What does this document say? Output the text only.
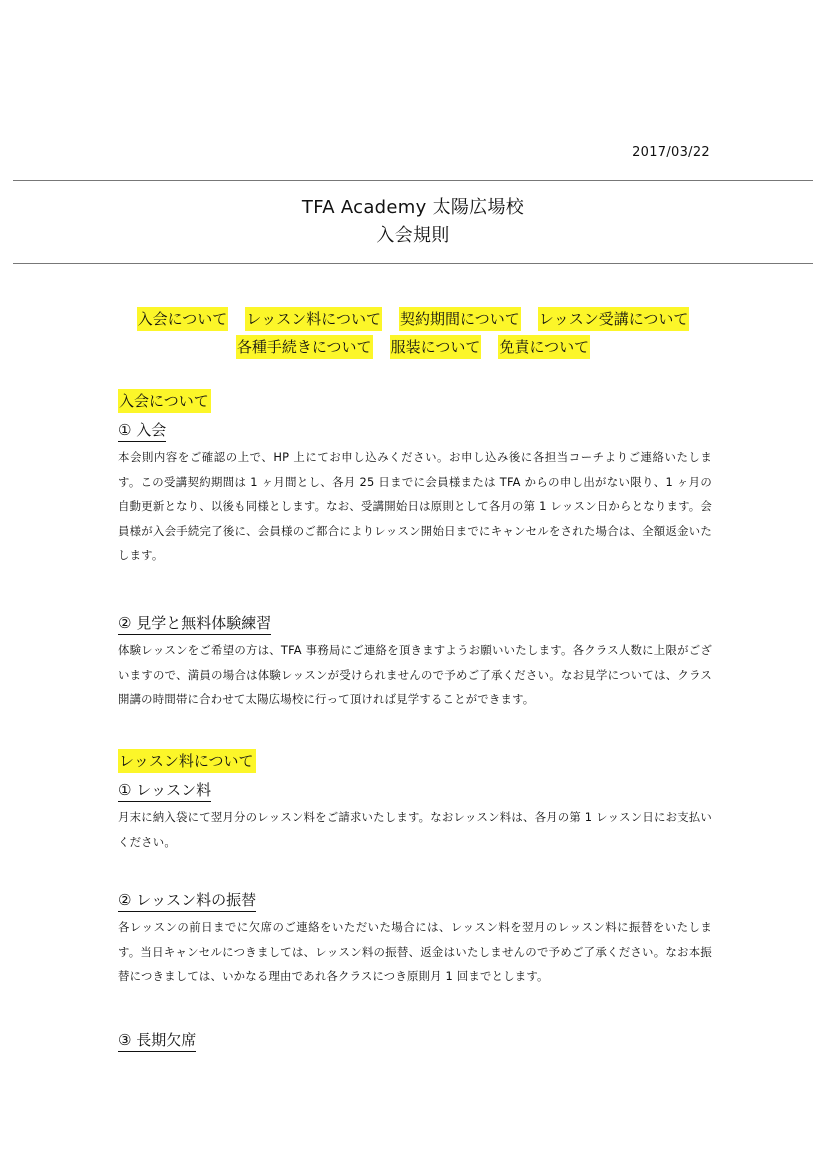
2017/03/22
TFA Academy 太陽広場校
入会規則
入会について レッスン料について 契約期間について レッスン受講について
各種手続きについて 服装について 免責について
入会について
① 入会
本会則内容をご確認の上で、HP 上にてお申し込みください。お申し込み後に各担当コーチよりご連絡いたします。この受講契約期間は 1 ヶ月間とし、各月 25 日までに会員様または TFA からの申し出がない限り、1 ヶ月の自動更新となり、以後も同様とします。なお、受講開始日は原則として各月の第 1 レッスン日からとなります。会員様が入会手続完了後に、会員様のご都合によりレッスン開始日までにキャンセルをされた場合は、全額返金いたします。
② 見学と無料体験練習
体験レッスンをご希望の方は、TFA 事務局にご連絡を頂きますようお願いいたします。各クラス人数に上限がございますので、満員の場合は体験レッスンが受けられませんので予めご了承ください。なお見学については、クラス開講の時間帯に合わせて太陽広場校に行って頂ければ見学することができます。
レッスン料について
① レッスン料
月末に納入袋にて翌月分のレッスン料をご請求いたします。なおレッスン料は、各月の第 1 レッスン日にお支払いください。
② レッスン料の振替
各レッスンの前日までに欠席のご連絡をいただいた場合には、レッスン料を翌月のレッスン料に振替をいたします。当日キャンセルにつきましては、レッスン料の振替、返金はいたしませんので予めご了承ください。なお本振替につきましては、いかなる理由であれ各クラスにつき原則月 1 回までとします。
③ 長期欠席
